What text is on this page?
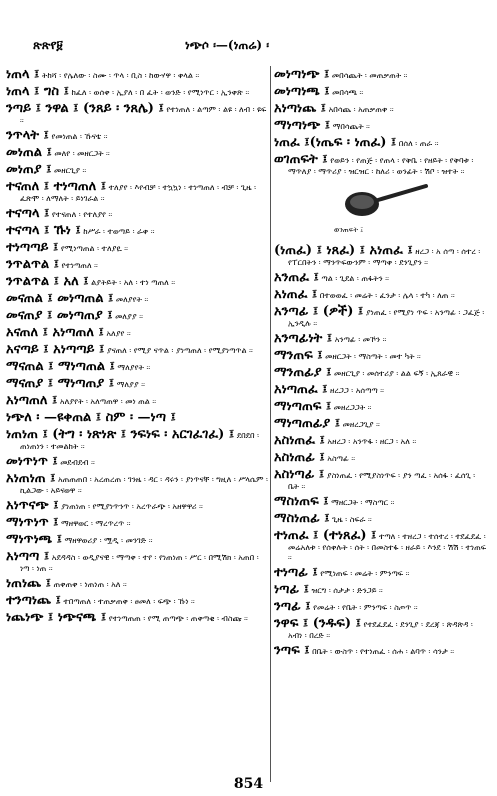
ጽጽየ፱	ነጭሶ ፡—(ነጠሬ) ፡
ነጠላ ፤ ትከሻ ፡ የሌለው ፡ ስሙ ፡ ጥላ ፡ ቢስ ፡ ከውሃዋ ፡ ቀላል ።
ነጠላ ፤ ግስ ፤ ከፈለ ፡ ወሰቀ ፡ ኢያለ ፡ በ ፈት ፡ ወንድ ፡ የሚነጥር ፡ ኢንቀጽ ።
ንጣይ ፤ ንዋል ፤ (ንጸይ ፡ ንጸሌ) ፤ የተነጠለ ፡ ልጣም ፡ ልዩ ፡ ለብ ፡ ዩፍ ።
ንጥላት ፤ የመነጠል ፡ ኹናቴ ።
መነጠል ፤ መለየ ፡ መዘርጋት ።
መነጠያ ፤ መዘርጊያ ።
ተናጠለ ፤ ተነጣጠለ ፤ ተለያየ ፡ እየብቻ ፡ ተኳኳነ ፡ ተነጣጠለ ፡ ብቻ ፡ ጊዜ ፡ ፈጽሞ ፡ ለማለት ፡ ይነገራል ።
ተናጣላ ፤ የተናጠለ ፡ የተለያየ ።
ተናጣላ ፤ ኹነ ፤ ከሥራ ፡ ተወጣይ ፡ ራቀ ።
ተነጣጣይ ፤ የሚነጣጠል ፡ ተለያዪ ።
ንጥልጥል ፤ የተነጣጠለ ።
ንጥልጥል ፤ አለ ፤ ልያትይት ፡ አለ ፡ ተነ ጣጠለ ።
መናጠል ፤ መነጣጠል ፤ መለያየት ።
መናጠያ ፤ መነጣጠያ ፤ መለያያ ።
አናጠለ ፤ አነጣጠለ ፤ አለያየ ።
አናጣይ ፤ አነጣጣይ ፤ ያናጠለ ፡ የሚያ ናጥል ፡ ያነጣጠለ ፡ የሚያነጣጥል ።
ማናጠል ፤ ማነጣጠል ፤ ማለያየት ።
ማናጠያ ፤ ማነጣጠያ ፤ ማለያያ ።
አነጣጠለ ፤ አለያየት ፡ አለጣጠዋ ፡ መነ ጠል ።
ነጭለ ፡ —ዩቀጠል ፤ ስም ፡ —ነጣ ፤
ነጠነጠ ፤ (ትግ ፡ ነጽነጽ ፤ ንፍነፍ ፡ አርገፈገፈ) ፤ ደበደበ ፡ ጠነጠነን ፡ ተመልከት ።
መነጥነጥ ፤ መደብደብ ።
አነጠነጠ ፤ አጠጠጠበ ፡ አረጠረጠ ፡ ገንዜ ፡ ዳር ፡ ዳሩን ፡ ያነጥናቸ ፡ ግዚለ ፡ ሥላሴም ፡ ኪልጋው ፡ አይናወዋ ።
አነጥናጭ ፤ ያነጠነጠ ፡ የሚያነጥንጥ ፡ አረጥራጭ ፡ አዘዋዋሪ ።
ማነጥነጥ ፤ ማዘዋወር ፡ ማረጥረጥ ።
ማነጥነጫ ፤ ማዘዋወሪያ ፡ ሟዲ ፡ መንገድ ።
አነጣጣ ፤ አደዳዳስ ፡ ወዲያናዊ ፡ ማጣቀ ፡ ተየ ፡ የነጠነጠ ፡ ሥር ፡ በሚሽክ ፡ አጠበ ፡ ነጣ ፡ ነጠ ።
ነጠነጨ ፤ ጠቀጠቀ ፡ ነጠነጠ ፡ አለ ።
ተንጣነጨ ፤ ተበጣጠለ ፡ ተጠቃጠቀ ፡ ፀመለ ፡ ፍጭ ፡ ኹነ ።
ነጨነጭ ፤ ነጭናጫ ፤ የተነጣጠጠ ፡ የሚ ጠጣጭ ፡ ጠቀጣቂ ፡ ብስጩ ።
መነጣነጭ ፤ መበሳጨት ፡ መጠቃጠት ።
መነጣነጫ ፤ መበሳጫ ።
አነጣነጨ ፤ አበሳጨ ፡ አጠቃጠቀ ።
ማነጣነጭ ፤ ማበሳጨት ።
ነጠፈ ፤(ነጤፍ ፡ ነጠፈ) ፤ በሰለ ፡ ጠራ ።
ወገጠፍት ፤ የወይን ፡ የጠጅ ፡ የጠላ ፡ የቅቤ ፡ የዘይት ፡ የቅባቱ ፡ ማጥለያ ፡ ማጥሪያ ፡ ዝርዝር ፡ ከለሪ ፡ ወንፊት ፡ ሽቦ ፡ ዝተት ።
ወንጠፍት ፤
(ነጠፈ) ፤ ነጸፈ) ፤ አነጠፈ ፤ ዘረጋ ፡ አ ሰጣ ፡ ሰተረ ፡ የፐርበትን ፡ ማንጥፍውንም ፡ ማጣቀ ፡ ደንጊያን ።
አንጠፈ ፤ ጣል ፡ ጊደል ፡ ጠፋትን ።
አነጠፈ ፤ በተወወፈ ፡ መሬት ፡ ፈንታ ፡ ሌላ ፡ ተካ ፡ ለጠ ።
አንጣፊ ፤ (ዎች) ፤ ያነጠፈ ፡ የሚያነ ጥፍ ፡ አንጣፊ ፡ ጋፈጅ ፡ ኢንዲሉ ።
አንጣፊነት ፤ አንጣፊ ፡ መኾን ።
ማንጠፍ ፤ መዘርጋት ፡ ማስጣት ፡ መተ ካት ።
ማንጠፊያ ፤ መዘርጊያ ፡ መሰተሪያ ፡ ልል ፍኝ ፡ ኢጸራዊ ።
አነጣጠፈ ፤ ዘረጋጋ ፡ አሰጣጣ ።
ማነጣጠፍ ፤ መዘረጋጋት ።
ማነጣጠፊያ ፤ መዘረጋጊያ ።
አስነጠፈ ፤ አዘረጋ ፡ አንጥፋ ፡ ዘርጋ ፡ አለ ።
አስነጠፊ ፤ አስጣፊ ።
አስነጣፊ ፤ ያስነጠፈ ፡ የሚያስነጥፍ ፡ ያን ጣፈ ፡ አሰፋ ፡ ፈሰጊ ፡ ቤት ።
ማስነጠፍ ፤ ማዘርጋት ፡ ማስጣር ።
ማስነጠፊ ፤ ጊዜ ፡ ስፍራ ።
ተነጠፈ ፤ (ተነጸፈ) ፤ ተጣለ ፡ ተዘረጋ ፡ ተሰተረ ፡ ተደፈደፈ ፡ መሬአለቱ ፡ የሰቀሉት ፡ ሰት ፡ በመስተፋ ፡ ዘራይ ፡ እንደ ፡ ሽሽ ፡ ተነጠፍ ።
ተነጣፊ ፤ የሚነጠፍ ፡ መሬት ፡ ምንጣፍ ።
ነጣፊ ፤ ዝርግ ፡ ሰታታ ፡ ድንጋይ ።
ንጣፊ ፤ የመሬት ፡ የቤት ፡ ምንጣፍ ፡ ስጦጥ ።
ንዋፍ ፤ (ንዱፍ) ፤ የተደፈደፈ ፡ ደንጊያ ፡ ደረጃ ፡ ጽዳጽዳ ፡ አብነ ፡ በረድ ።
ንጣፍ ፤ በቤት ፡ ውስጥ ፡ የተነጠፈ ፡ ሰሐ ፡ ልባጥ ፡ ሳንታ ።
854
